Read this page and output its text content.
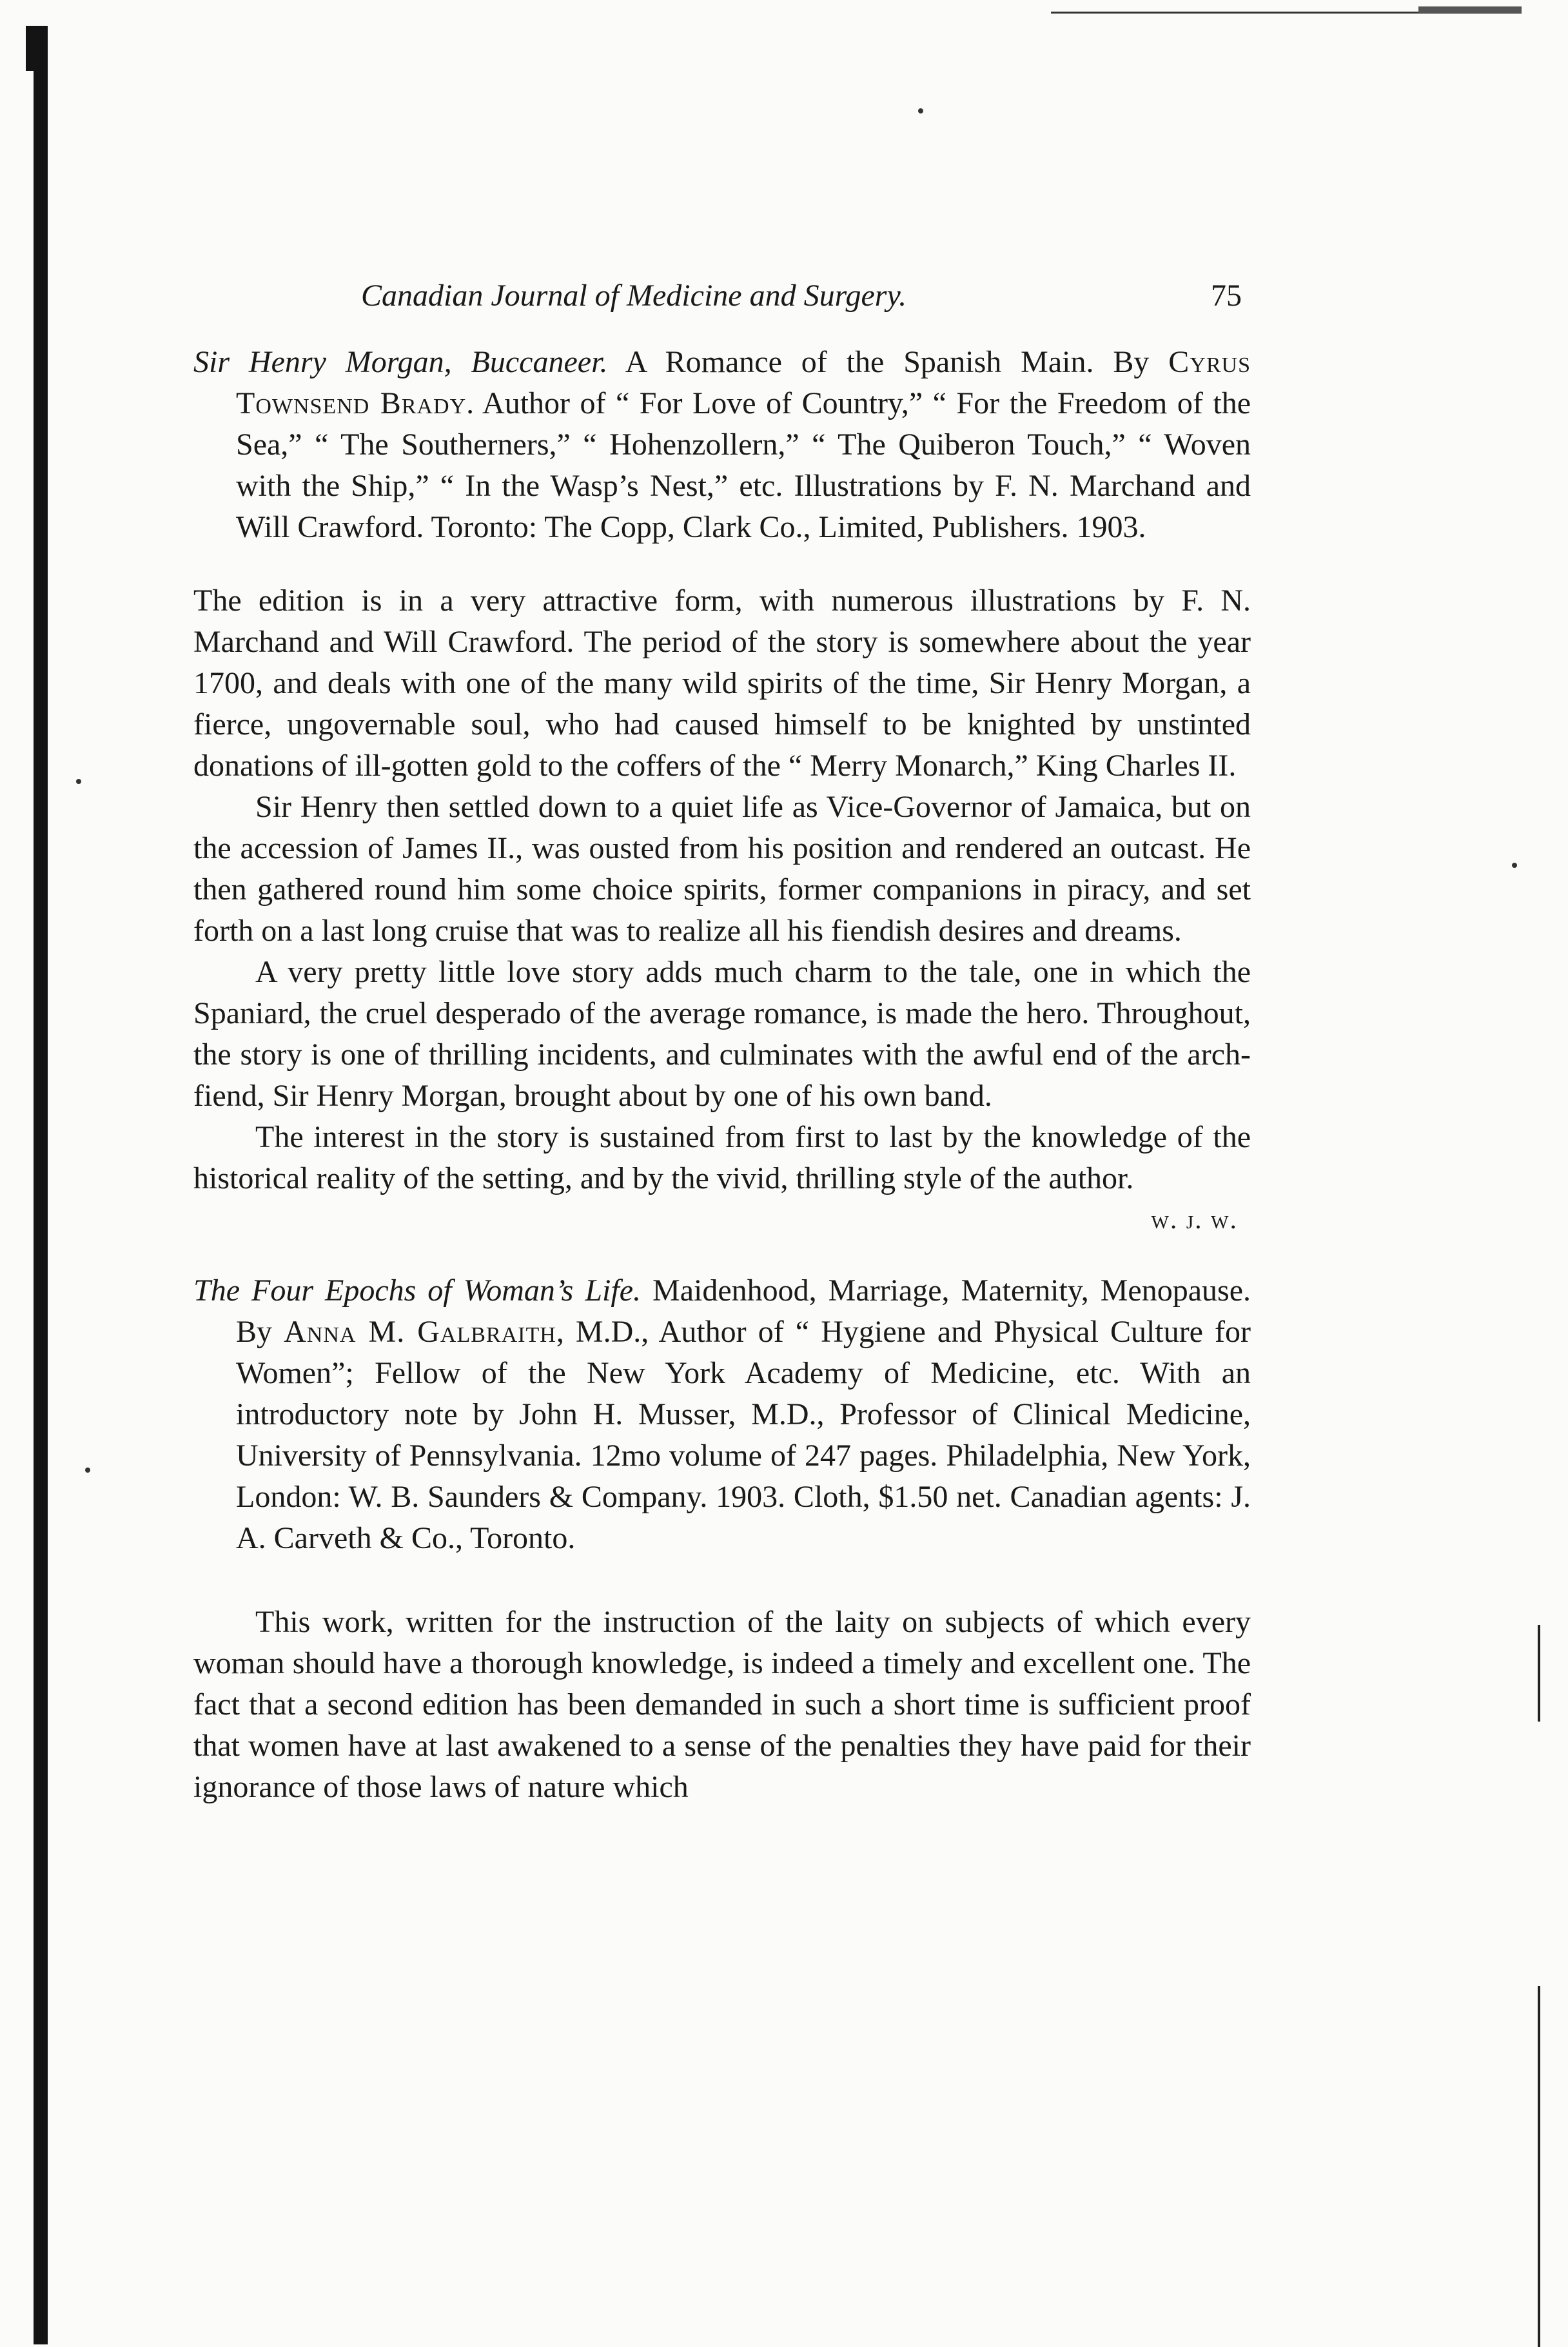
Canadian Journal of Medicine and Surgery.	75

Sir Henry Morgan, Buccaneer. A Romance of the Spanish Main. By Cyrus Townsend Brady. Author of “ For Love of Country,” “ For the Freedom of the Sea,” “ The Southerners,” “ Hohenzollern,” “ The Quiberon Touch,” “ Woven with the Ship,” “ In the Wasp’s Nest,” etc. Illustrations by F. N. Marchand and Will Crawford. Toronto: The Copp, Clark Co., Limited, Publishers. 1903.

The edition is in a very attractive form, with numerous illustrations by F. N. Marchand and Will Crawford. The period of the story is somewhere about the year 1700, and deals with one of the many wild spirits of the time, Sir Henry Morgan, a fierce, ungovernable soul, who had caused himself to be knighted by unstinted donations of ill-gotten gold to the coffers of the “ Merry Monarch,” King Charles II.

Sir Henry then settled down to a quiet life as Vice-Governor of Jamaica, but on the accession of James II., was ousted from his position and rendered an outcast. He then gathered round him some choice spirits, former companions in piracy, and set forth on a last long cruise that was to realize all his fiendish desires and dreams.

A very pretty little love story adds much charm to the tale, one in which the Spaniard, the cruel desperado of the average romance, is made the hero. Throughout, the story is one of thrilling incidents, and culminates with the awful end of the arch-fiend, Sir Henry Morgan, brought about by one of his own band.

The interest in the story is sustained from first to last by the knowledge of the historical reality of the setting, and by the vivid, thrilling style of the author.
w. j. w.

The Four Epochs of Woman’s Life. Maidenhood, Marriage, Maternity, Menopause. By Anna M. Galbraith, M.D., Author of “ Hygiene and Physical Culture for Women”; Fellow of the New York Academy of Medicine, etc. With an introductory note by John H. Musser, M.D., Professor of Clinical Medicine, University of Pennsylvania. 12mo volume of 247 pages. Philadelphia, New York, London: W. B. Saunders & Company. 1903. Cloth, $1.50 net. Canadian agents: J. A. Carveth & Co., Toronto.

This work, written for the instruction of the laity on subjects of which every woman should have a thorough knowledge, is indeed a timely and excellent one. The fact that a second edition has been demanded in such a short time is sufficient proof that women have at last awakened to a sense of the penalties they have paid for their ignorance of those laws of nature which
